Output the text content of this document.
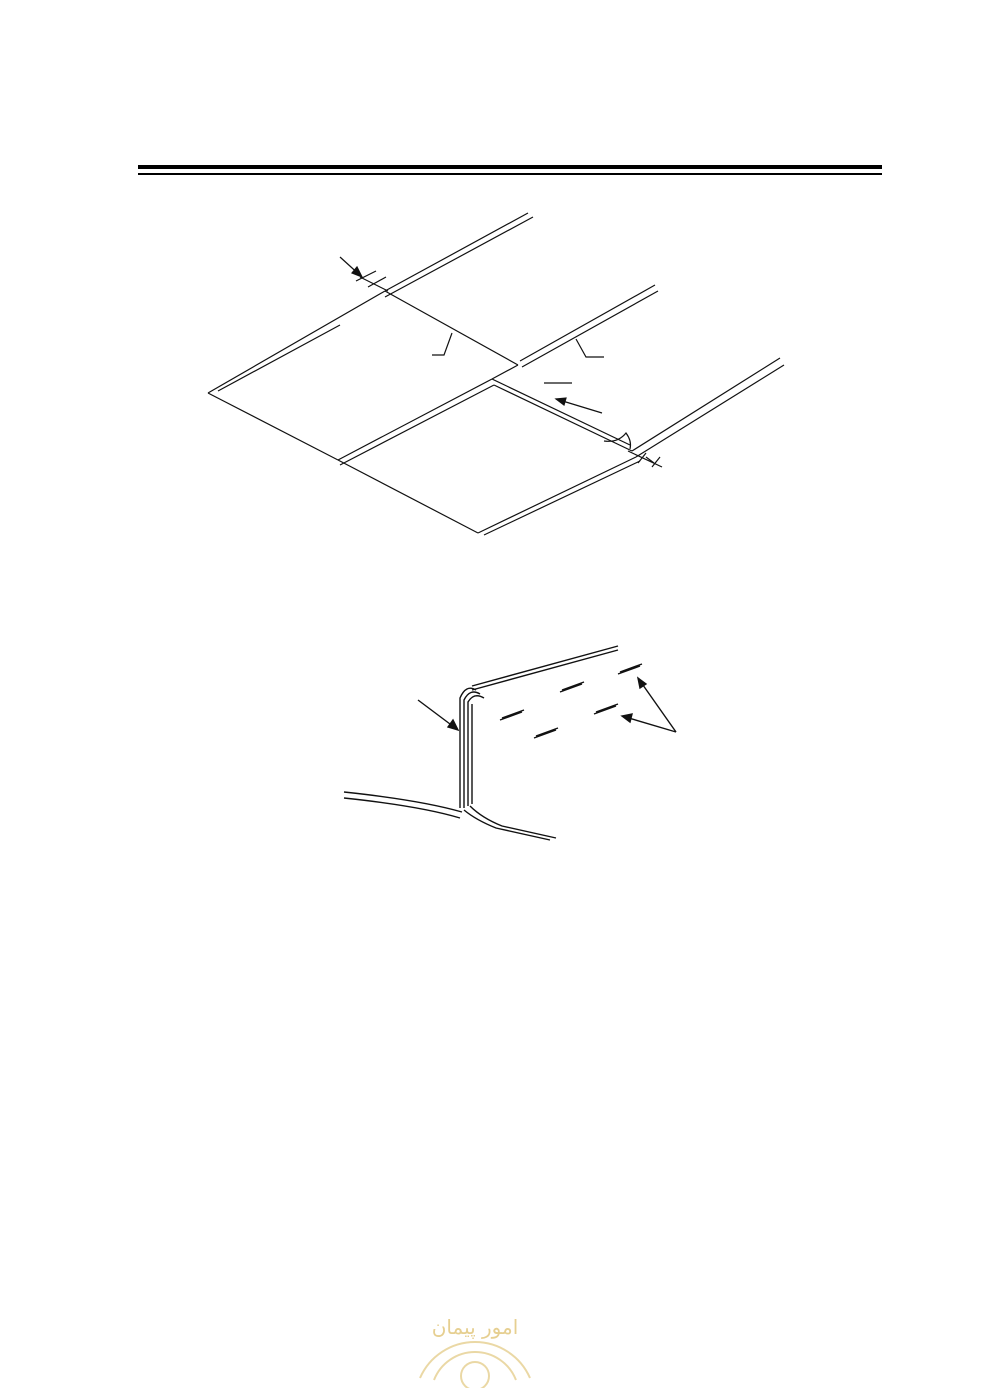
امور پیمان
